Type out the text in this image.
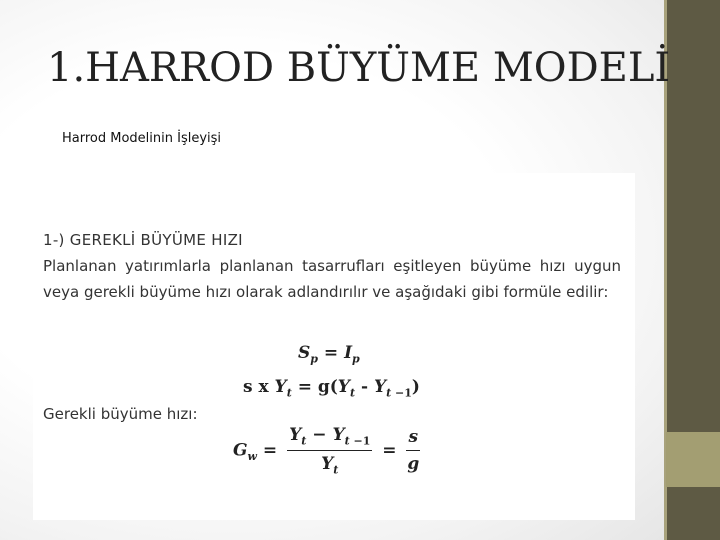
1.HARROD BÜYÜME MODELİ
Harrod Modelinin İşleyişi
1-) GEREKLİ BÜYÜME HIZI

Planlanan yatırımlarla planlanan tasarrufları eşitleyen büyüme hızı uygun veya gerekli büyüme hızı olarak adlandırılır ve aşağıdaki gibi formüle edilir:

$S_p = I_p$
s x $Y_t = g(Y_t - Y_{t -1})$
Gerekli büyüme hızı:
$G_w = \frac{Y_t - Y_{t -1}}{Y_t} = \frac{s}{g}$
